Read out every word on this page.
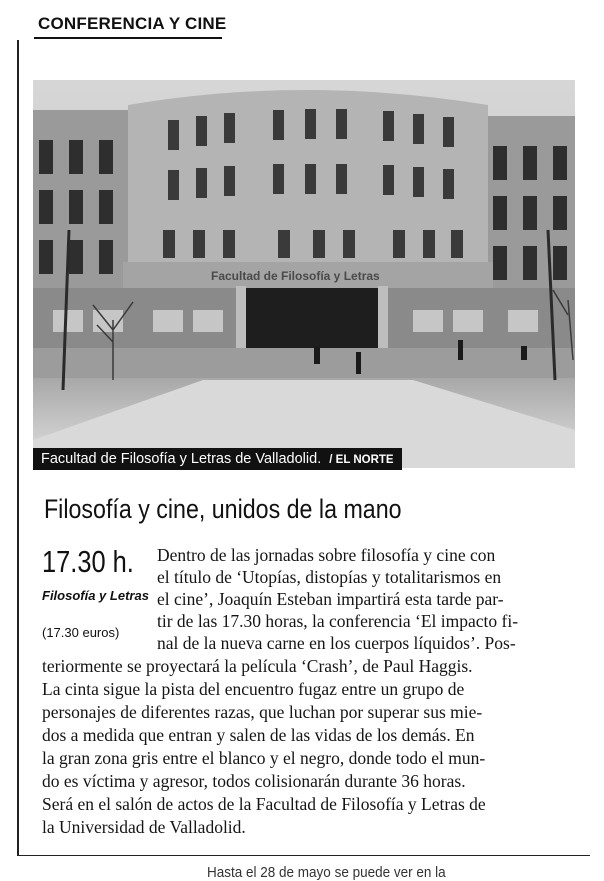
CONFERENCIA Y CINE
Facultad de Filosofía y Letras
Facultad de Filosofía y Letras de Valladolid. / EL NORTE
Filosofía y cine, unidos de la mano
17.30 h.
Filosofía y Letras
(17.30 euros)
Dentro de las jornadas sobre filosofía y cine con
el título de ‘Utopías, distopías y totalitarismos en
el cine’, Joaquín Esteban impartirá esta tarde par-
tir de las 17.30 horas, la conferencia ‘El impacto fi-
nal de la nueva carne en los cuerpos líquidos’. Pos-
teriormente se proyectará la película ‘Crash’, de Paul Haggis.
La cinta sigue la pista del encuentro fugaz entre un grupo de
personajes de diferentes razas, que luchan por superar sus mie-
dos a medida que entran y salen de las vidas de los demás. En
la gran zona gris entre el blanco y el negro, donde todo el mun-
do es víctima y agresor, todos colisionarán durante 36 horas.
Será en el salón de actos de la Facultad de Filosofía y Letras de
la Universidad de Valladolid.
Hasta el 28 de mayo se puede ver en la
